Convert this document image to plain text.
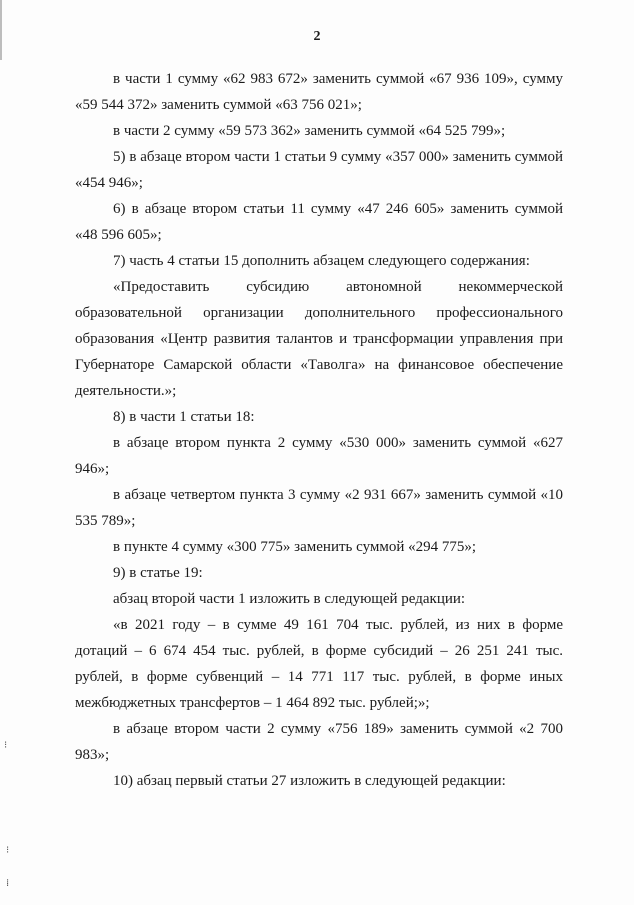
2

в части 1 сумму «62 983 672» заменить суммой «67 936 109», сумму «59 544 372» заменить суммой «63 756 021»;

в части 2 сумму «59 573 362» заменить суммой «64 525 799»;

5) в абзаце втором части 1 статьи 9 сумму «357 000» заменить суммой «454 946»;

6) в абзаце втором статьи 11 сумму «47 246 605» заменить суммой «48 596 605»;

7) часть 4 статьи 15 дополнить абзацем следующего содержания:

«Предоставить субсидию автономной некоммерческой образовательной организации дополнительного профессионального образования «Центр развития талантов и трансформации управления при Губернаторе Самарской области «Таволга» на финансовое обеспечение деятельности.»;

8) в части 1 статьи 18:

в абзаце втором пункта 2 сумму «530 000» заменить суммой «627 946»;

в абзаце четвертом пункта 3 сумму «2 931 667» заменить суммой «10 535 789»;

в пункте 4 сумму «300 775» заменить суммой «294 775»;

9) в статье 19:

абзац второй части 1 изложить в следующей редакции:

«в 2021 году – в сумме 49 161 704 тыс. рублей, из них в форме дотаций – 6 674 454 тыс. рублей, в форме субсидий – 26 251 241 тыс. рублей, в форме субвенций – 14 771 117 тыс. рублей, в форме иных межбюджетных трансфертов – 1 464 892 тыс. рублей;»;

в абзаце втором части 2 сумму «756 189» заменить суммой «2 700 983»;

10) абзац первый статьи 27 изложить в следующей редакции:

⁝
⁝
⁞
